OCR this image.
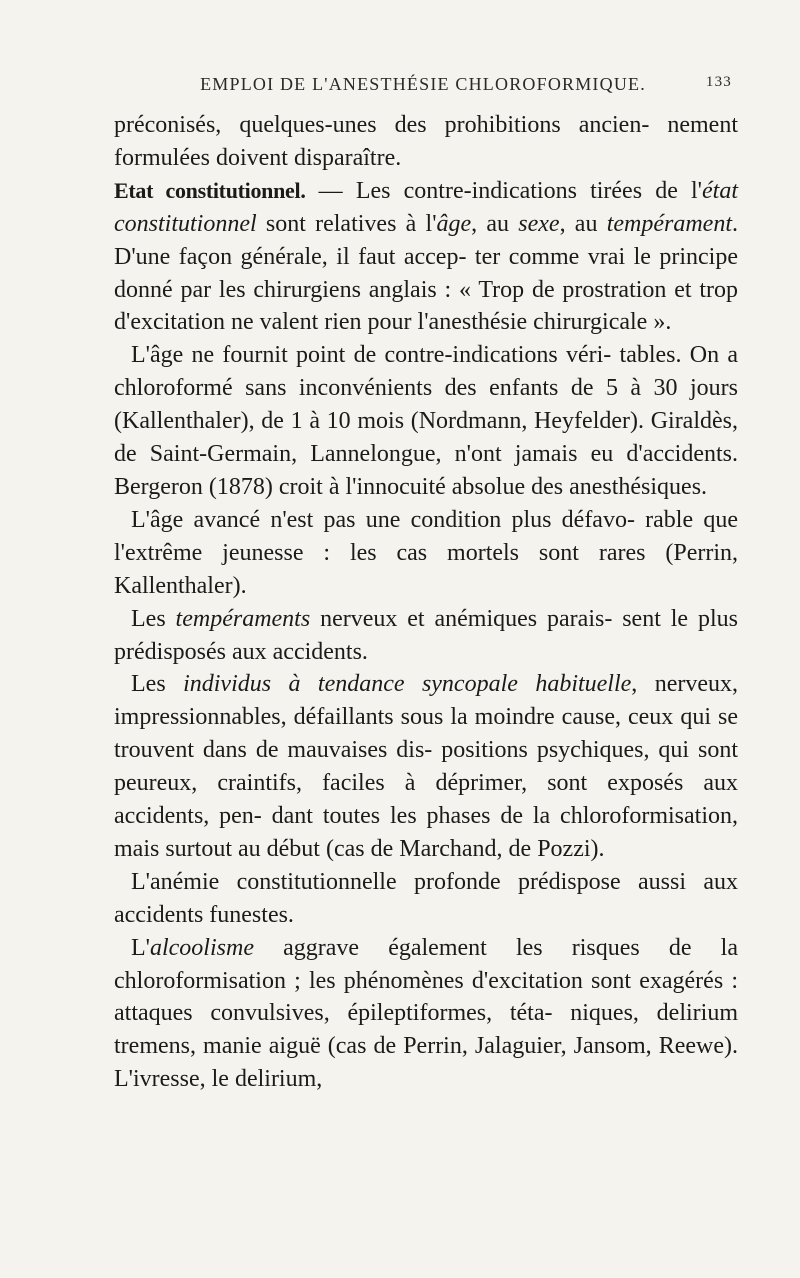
EMPLOI DE L'ANESTHÉSIE CHLOROFORMIQUE.	133

préconisés, quelques-unes des prohibitions ancien- nement formulées doivent disparaître.

Etat constitutionnel. — Les contre-indications tirées de l'état constitutionnel sont relatives à l'âge, au sexe, au tempérament. D'une façon générale, il faut accep- ter comme vrai le principe donné par les chirurgiens anglais : « Trop de prostration et trop d'excitation ne valent rien pour l'anesthésie chirurgicale ».

L'âge ne fournit point de contre-indications véri- tables. On a chloroformé sans inconvénients des enfants de 5 à 30 jours (Kallenthaler), de 1 à 10 mois (Nordmann, Heyfelder). Giraldès, de Saint-Germain, Lannelongue, n'ont jamais eu d'accidents. Bergeron (1878) croit à l'innocuité absolue des anesthésiques.

L'âge avancé n'est pas une condition plus défavo- rable que l'extrême jeunesse : les cas mortels sont rares (Perrin, Kallenthaler).

Les tempéraments nerveux et anémiques parais- sent le plus prédisposés aux accidents.

Les individus à tendance syncopale habituelle, nerveux, impressionnables, défaillants sous la moindre cause, ceux qui se trouvent dans de mauvaises dis- positions psychiques, qui sont peureux, craintifs, faciles à déprimer, sont exposés aux accidents, pen- dant toutes les phases de la chloroformisation, mais surtout au début (cas de Marchand, de Pozzi).

L'anémie constitutionnelle profonde prédispose aussi aux accidents funestes.

L'alcoolisme aggrave également les risques de la chloroformisation ; les phénomènes d'excitation sont exagérés : attaques convulsives, épileptiformes, téta- niques, delirium tremens, manie aiguë (cas de Perrin, Jalaguier, Jansom, Reewe). L'ivresse, le delirium,
